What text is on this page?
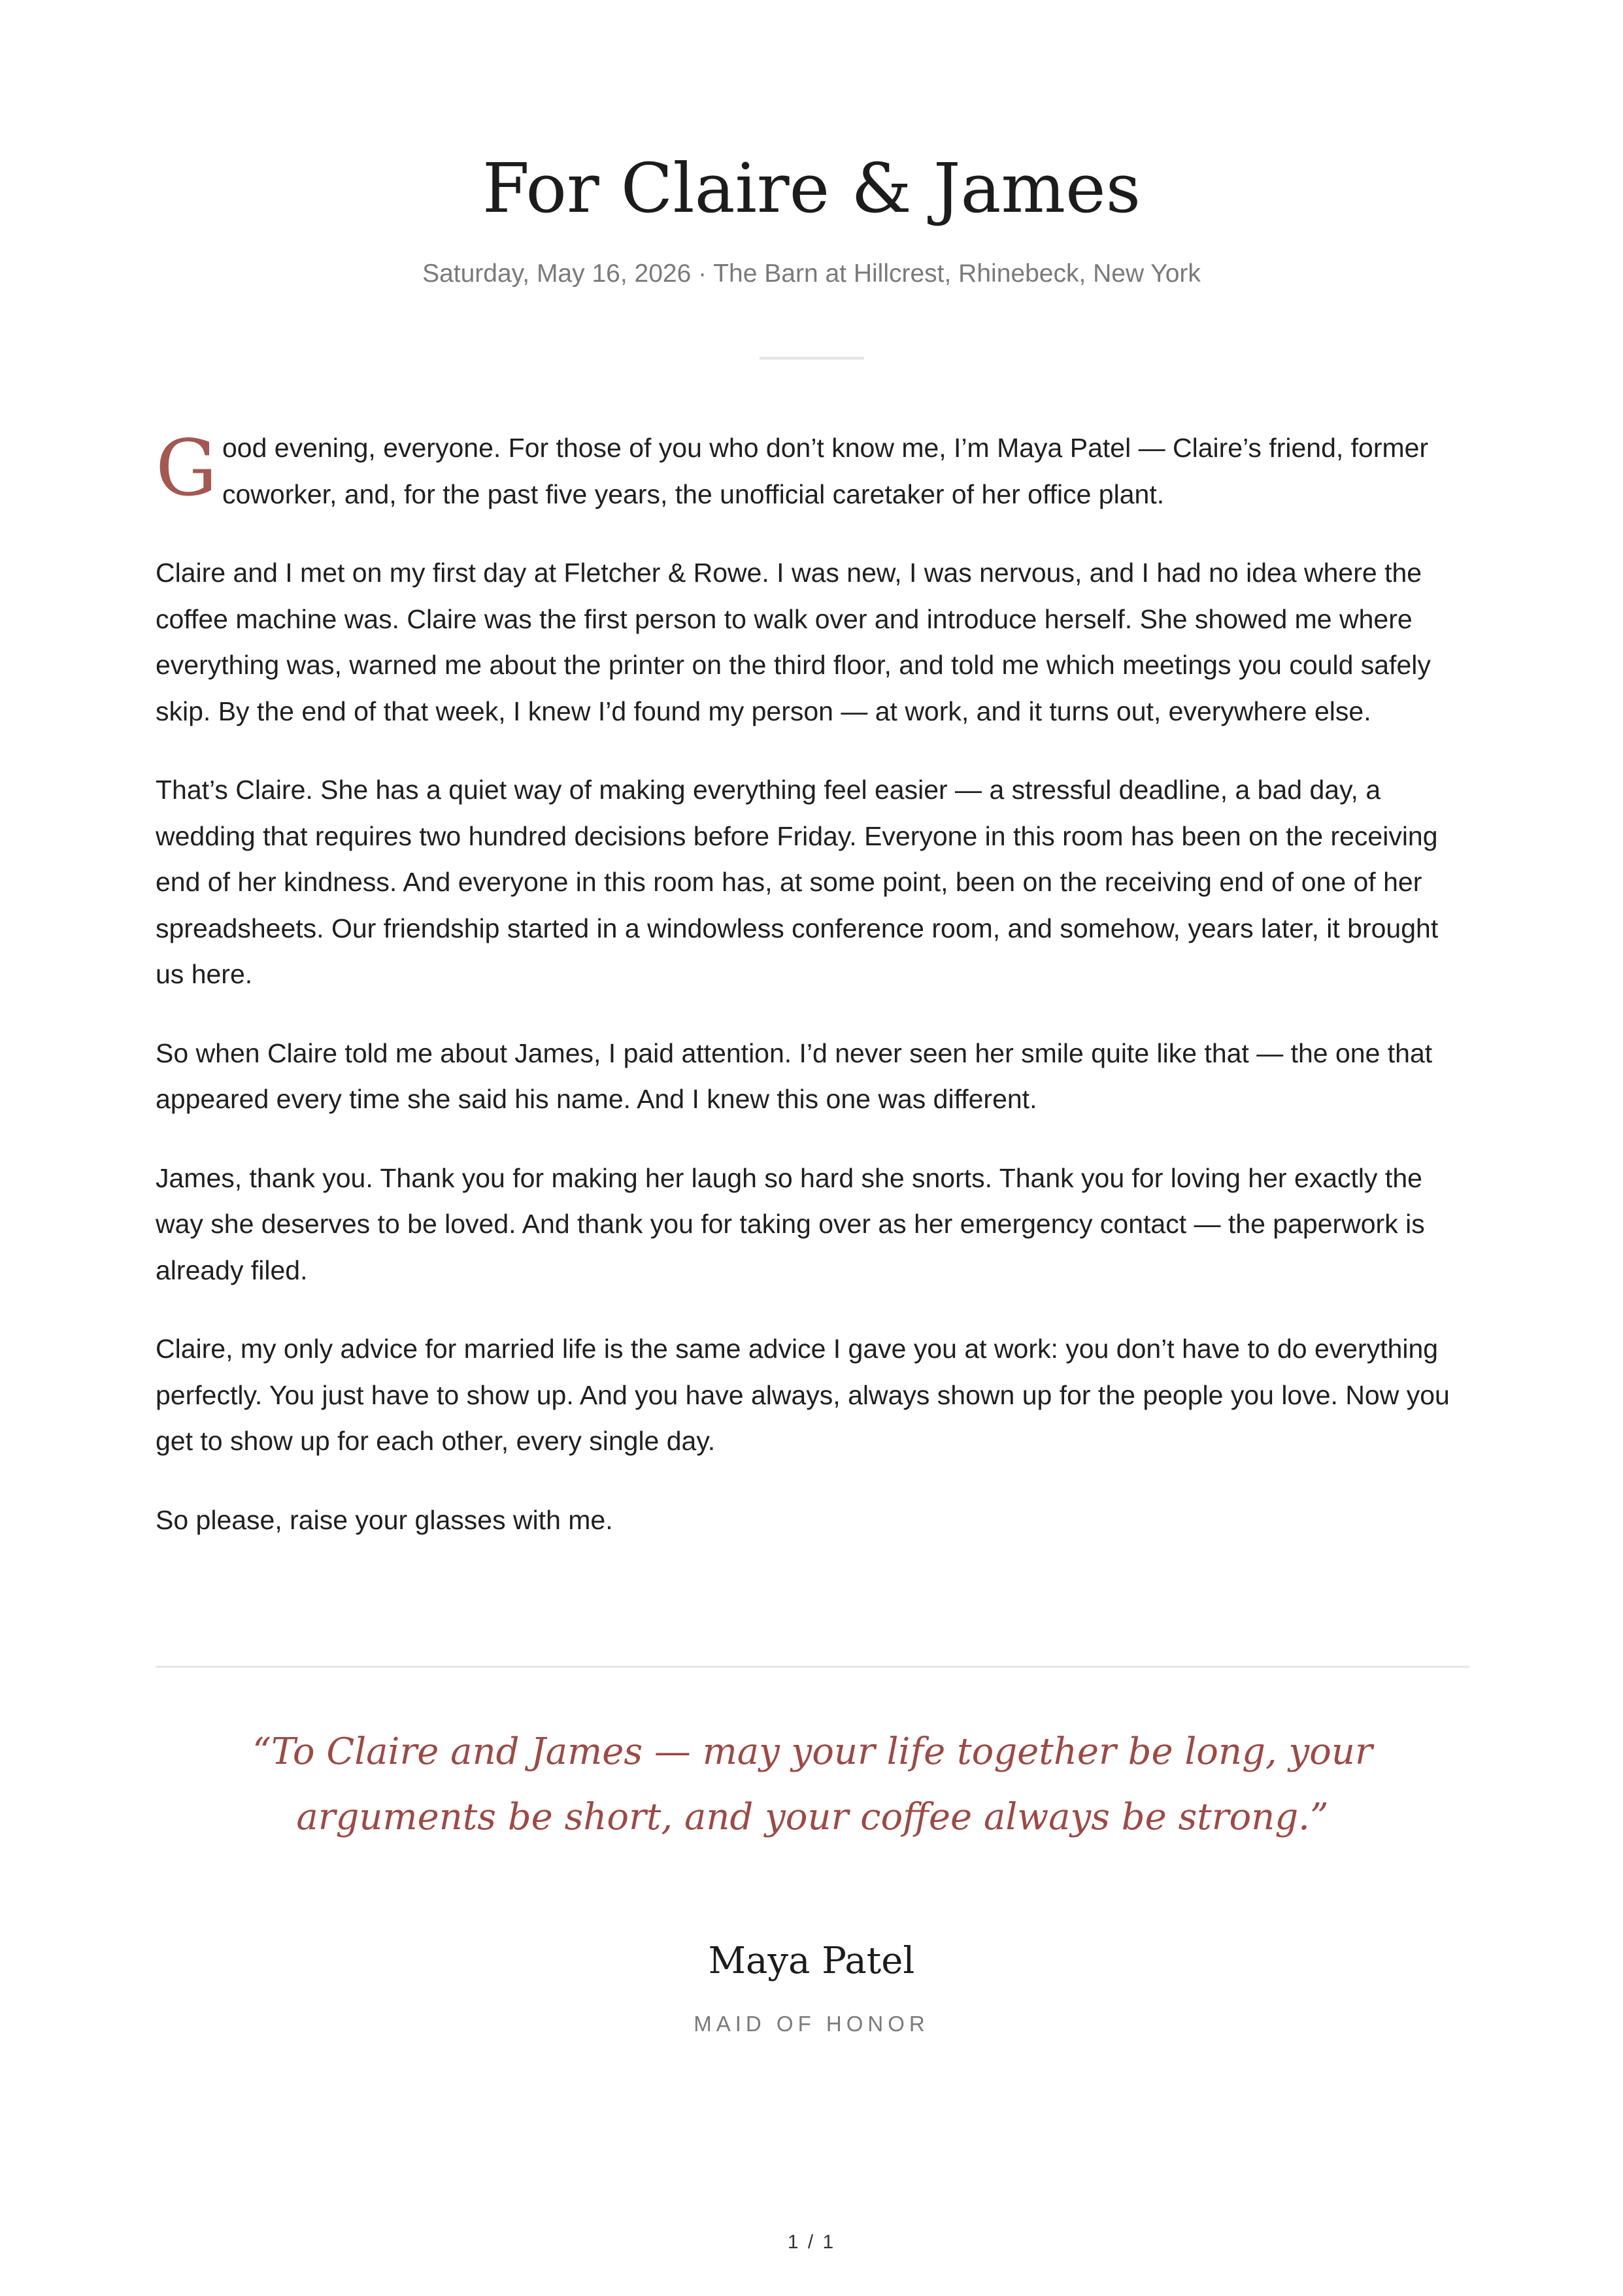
For Claire & James
Saturday, May 16, 2026 · The Barn at Hillcrest, Rhinebeck, New York

G ood evening, everyone. For those of you who don’t know me, I’m Maya Patel — Claire’s friend, former coworker, and, for the past five years, the unofficial caretaker of her office plant.

Claire and I met on my first day at Fletcher & Rowe. I was new, I was nervous, and I had no idea where the coffee machine was. Claire was the first person to walk over and introduce herself. She showed me where everything was, warned me about the printer on the third floor, and told me which meetings you could safely skip. By the end of that week, I knew I’d found my person — at work, and it turns out, everywhere else.

That’s Claire. She has a quiet way of making everything feel easier — a stressful deadline, a bad day, a wedding that requires two hundred decisions before Friday. Everyone in this room has been on the receiving end of her kindness. And everyone in this room has, at some point, been on the receiving end of one of her spreadsheets. Our friendship started in a windowless conference room, and somehow, years later, it brought us here.

So when Claire told me about James, I paid attention. I’d never seen her smile quite like that — the one that appeared every time she said his name. And I knew this one was different.

James, thank you. Thank you for making her laugh so hard she snorts. Thank you for loving her exactly the way she deserves to be loved. And thank you for taking over as her emergency contact — the paperwork is already filed.

Claire, my only advice for married life is the same advice I gave you at work: you don’t have to do everything perfectly. You just have to show up. And you have always, always shown up for the people you love. Now you get to show up for each other, every single day.

So please, raise your glasses with me.

“To Claire and James — may your life together be long, your arguments be short, and your coffee always be strong.”
Maya Patel
MAID OF HONOR
1 / 1
